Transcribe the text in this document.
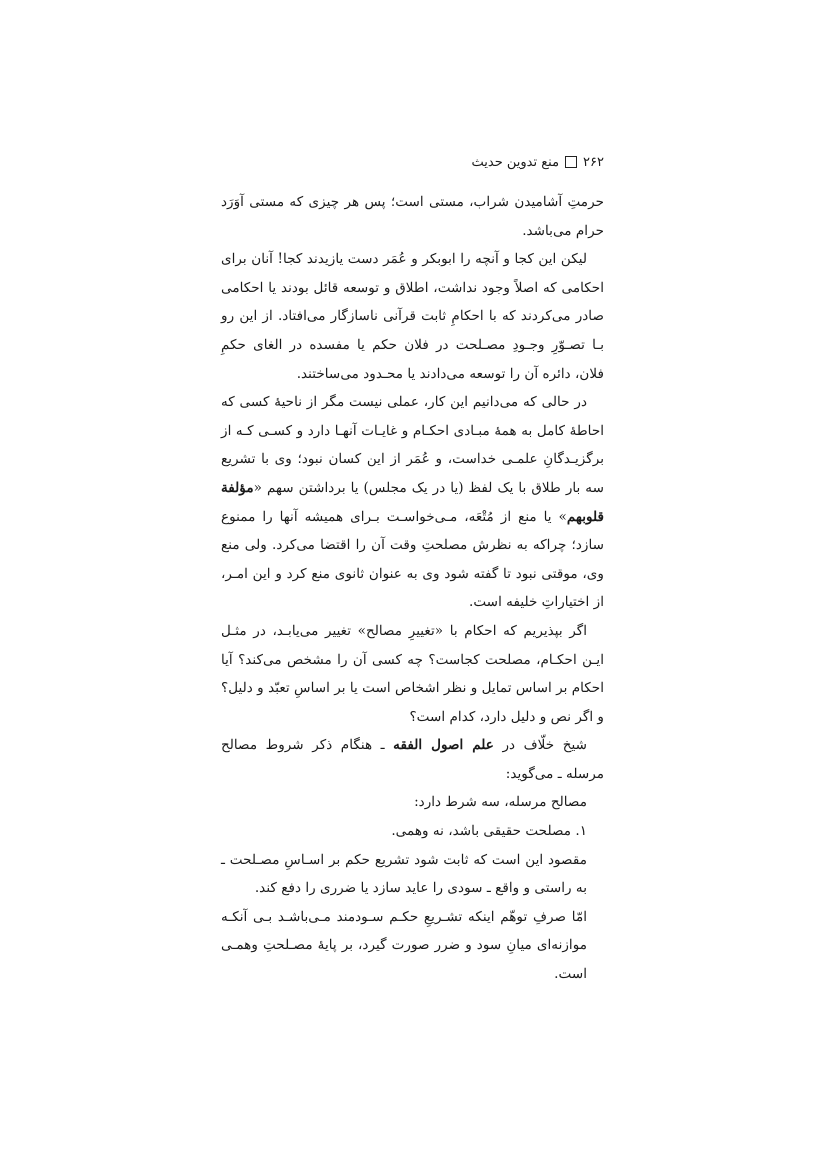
۲۶۲
منع تدوین حدیث

حرمتِ آشامیدن شراب، مستی است؛ پس هر چیزی که مستی آوَرَد حرام می‌باشد.

لیکن این کجا و آنچه را ابوبکر و عُمَر دست یازیدند کجا! آنان برای احکامی که اصلاً وجود نداشت، اطلاق و توسعه قائل بودند یا احکامی صادر می‌کردند که با احکامِ ثابت قرآنی ناسازگار می‌افتاد. از این رو بـا تصـوّرِ وجـودِ مصـلحت در فلان حکم یا مفسده در الغای حکمِ فلان، دائره آن را توسعه می‌دادند یا محـدود می‌ساختند.

در حالی که می‌دانیم این کار، عملی نیست مگر از ناحیهٔ کسی که احاطهٔ کامل به همهٔ مبـادی احکـام و غایـات آنهـا دارد و کسـی کـه از برگزیـدگانِ علمـی خداست، و عُمَر از این کسان نبود؛ وی با تشریع سه بار طلاق با یک لفظ (یا در یک مجلس) یا برداشتن سهم «مؤلفة قلوبهم» یا منع از مُتْعَه، مـی‌خواسـت بـرای همیشه آنها را ممنوع سازد؛ چراکه به نظرش مصلحتِ وقت آن را اقتضا می‌کرد. ولی منع وی، موقتی نبود تا گفته شود وی به عنوان ثانوی منع کرد و این امـر، از اختیاراتِ خلیفه است.

اگر بپذیریم که احکام با «تغییرِ مصالح» تغییر می‌یابـد، در مثـل ایـن احکـام، مصلحت کجاست؟ چه کسی آن را مشخص می‌کند؟ آیا احکام بر اساس تمایل و نظر اشخاص است یا بر اساسِ تعبّد و دلیل؟ و اگر نص و دلیل دارد، کدام است؟

شیخ خلّاف در علم اصول الفقه ـ هنگام ذکر شروط مصالح مرسله ـ می‌گوید:

مصالح مرسله، سه شرط دارد:

۱. مصلحت حقیقی باشد، نه وهمی.

مقصود این است که ثابت شود تشریع حکم بر اسـاسِ مصـلحت ـ به راستی و واقع ـ سودی را عاید سازد یا ضرری را دفع کند.

امّا صرفِ توهّم اینکه تشـریعِ حکـم سـودمند مـی‌باشـد بـی آنکـه موازنه‌ای میانِ سود و ضرر صورت گیرد، بر پایهٔ مصـلحتِ وهمـی است.
